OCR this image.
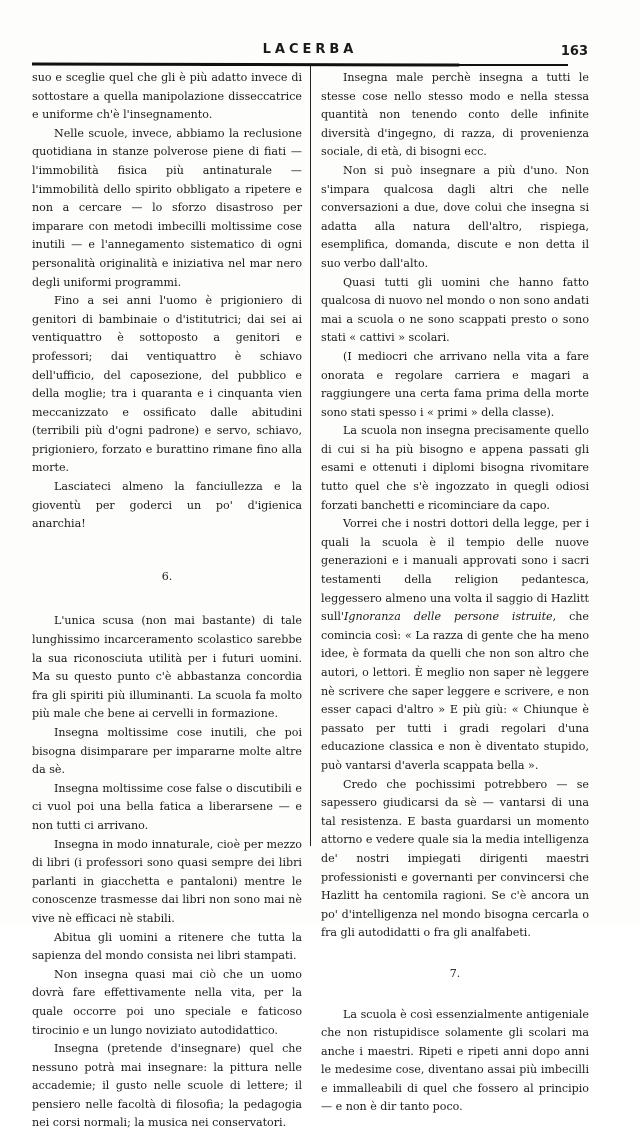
LACERBA	163

suo e sceglie quel che gli è più adatto invece di sottostare a quella manipolazione disseccatrice e uniforme ch'è l'insegnamento.

Nelle scuole, invece, abbiamo la reclusione quotidiana in stanze polverose piene di fiati — l'immobilità fisica più antinaturale — l'immobilità dello spirito obbligato a ripetere e non a cercare — lo sforzo disastroso per imparare con metodi imbecilli moltissime cose inutili — e l'annegamento sistematico di ogni personalità originalità e iniziativa nel mar nero degli uniformi programmi.

Fino a sei anni l'uomo è prigioniero di genitori di bambinaie o d'istitutrici; dai sei ai ventiquattro è sottoposto a genitori e professori; dai ventiquattro è schiavo dell'ufficio, del caposezione, del pubblico e della moglie; tra i quaranta e i cinquanta vien meccanizzato e ossificato dalle abitudini (terribili più d'ogni padrone) e servo, schiavo, prigioniero, forzato e burattino rimane fino alla morte.

Lasciateci almeno la fanciullezza e la gioventù per goderci un po' d'igienica anarchia!

6.

L'unica scusa (non mai bastante) di tale lunghissimo incarceramento scolastico sarebbe la sua riconosciuta utilità per i futuri uomini. Ma su questo punto c'è abbastanza concordia fra gli spiriti più illuminanti. La scuola fa molto più male che bene ai cervelli in formazione.

Insegna moltissime cose inutili, che poi bisogna disimparare per impararne molte altre da sè.

Insegna moltissime cose false o discutibili e ci vuol poi una bella fatica a liberarsene — e non tutti ci arrivano.

Insegna in modo innaturale, cioè per mezzo di libri (i professori sono quasi sempre dei libri parlanti in giacchetta e pantaloni) mentre le conoscenze trasmesse dai libri non sono mai nè vive nè efficaci nè stabili.

Abitua gli uomini a ritenere che tutta la sapienza del mondo consista nei libri stampati.

Non insegna quasi mai ciò che un uomo dovrà fare effettivamente nella vita, per la quale occorre poi uno speciale e faticoso tirocinio e un lungo noviziato autodidattico.

Insegna (pretende d'insegnare) quel che nessuno potrà mai insegnare: la pittura nelle accademie; il gusto nelle scuole di lettere; il pensiero nelle facoltà di filosofia; la pedagogia nei corsi normali; la musica nei conservatori.

Insegna male perchè insegna a tutti le stesse cose nello stesso modo e nella stessa quantità non tenendo conto delle infinite diversità d'ingegno, di razza, di provenienza sociale, di età, di bisogni ecc.

Non si può insegnare a più d'uno. Non s'impara qualcosa dagli altri che nelle conversazioni a due, dove colui che insegna si adatta alla natura dell'altro, rispiega, esemplifica, domanda, discute e non detta il suo verbo dall'alto.

Quasi tutti gli uomini che hanno fatto qualcosa di nuovo nel mondo o non sono andati mai a scuola o ne sono scappati presto o sono stati « cattivi » scolari.

(I mediocri che arrivano nella vita a fare onorata e regolare carriera e magari a raggiungere una certa fama prima della morte sono stati spesso i « primi » della classe).

La scuola non insegna precisamente quello di cui si ha più bisogno e appena passati gli esami e ottenuti i diplomi bisogna rivomitare tutto quel che s'è ingozzato in quegli odiosi forzati banchetti e ricominciare da capo.

Vorrei che i nostri dottori della legge, per i quali la scuola è il tempio delle nuove generazioni e i manuali approvati sono i sacri testamenti della religion pedantesca, leggessero almeno una volta il saggio di Hazlitt sull'Ignoranza delle persone istruite, che comincia così: « La razza di gente che ha meno idee, è formata da quelli che non son altro che autori, o lettori. È meglio non saper nè leggere nè scrivere che saper leggere e scrivere, e non esser capaci d'altro » E più giù: « Chiunque è passato per tutti i gradi regolari d'una educazione classica e non è diventato stupido, può vantarsi d'averla scappata bella ».

Credo che pochissimi potrebbero — se sapessero giudicarsi da sè — vantarsi di una tal resistenza. E basta guardarsi un momento attorno e vedere quale sia la media intelligenza de' nostri impiegati dirigenti maestri professionisti e governanti per convincersi che Hazlitt ha centomila ragioni. Se c'è ancora un po' d'intelligenza nel mondo bisogna cercarla o fra gli autodidatti o fra gli analfabeti.

7.

La scuola è così essenzialmente antigeniale che non ristupidisce solamente gli scolari ma anche i maestri. Ripeti e ripeti anni dopo anni le medesime cose, diventano assai più imbecilli e immalleabili di quel che fossero al principio — e non è dir tanto poco.
